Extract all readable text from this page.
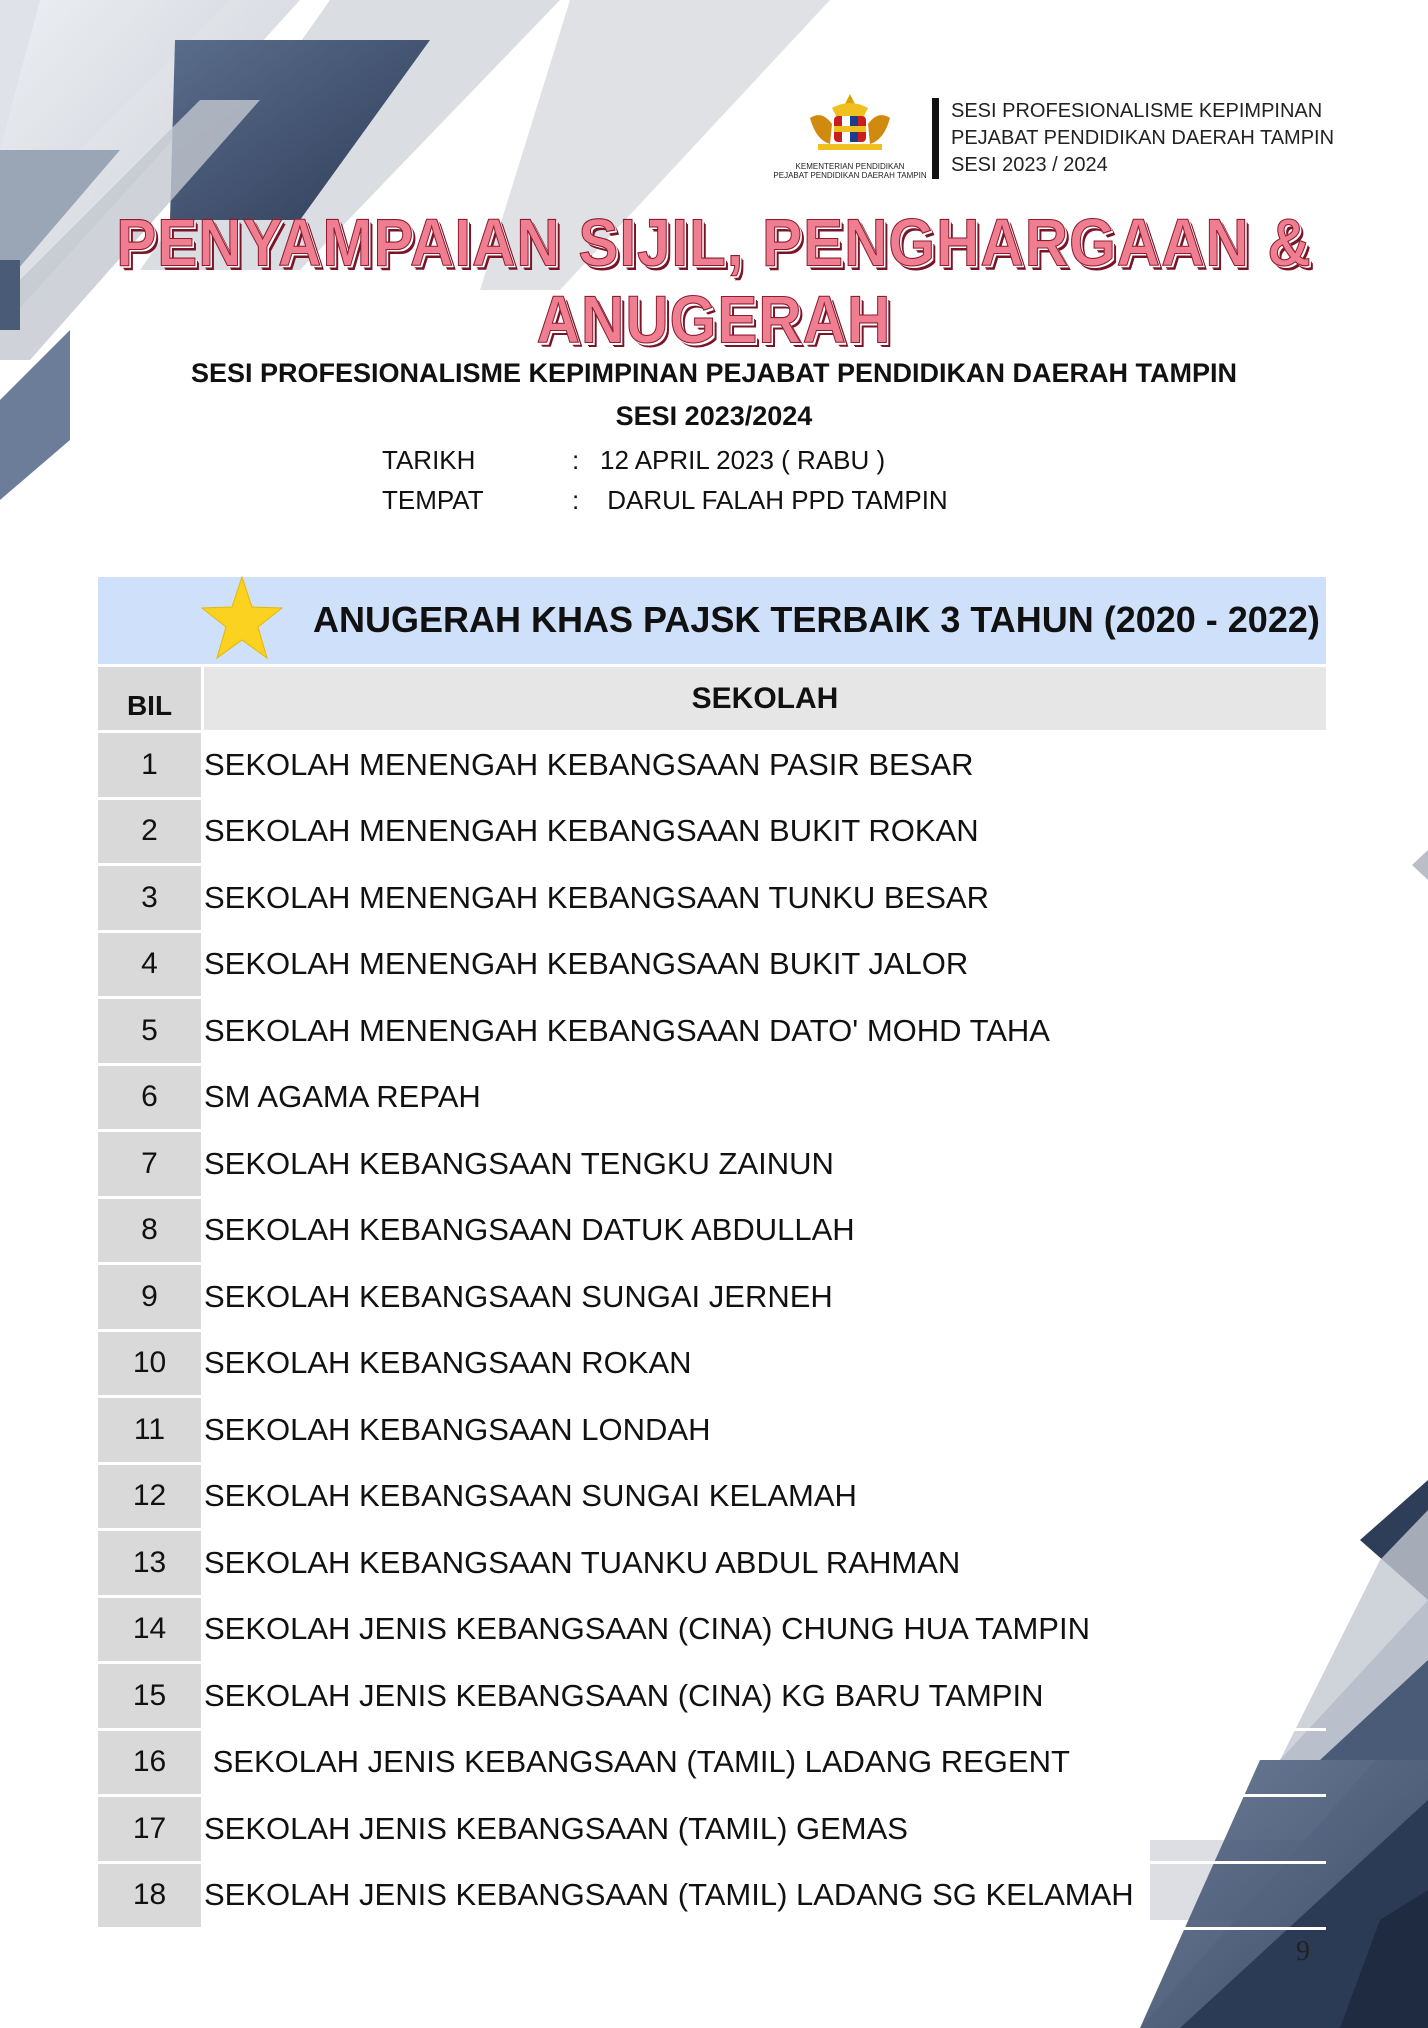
KEMENTERIAN PENDIDIKAN
PEJABAT PENDIDIKAN DAERAH TAMPIN
SESI PROFESIONALISME KEPIMPINAN
PEJABAT PENDIDIKAN DAERAH TAMPIN
SESI 2023 / 2024
PENYAMPAIAN SIJIL, PENGHARGAAN & ANUGERAH
SESI PROFESIONALISME KEPIMPINAN PEJABAT PENDIDIKAN DAERAH TAMPIN
SESI 2023/2024
TARIKH	: 12 APRIL 2023 ( RABU )
TEMPAT	: DARUL FALAH PPD TAMPIN
ANUGERAH KHAS PAJSK TERBAIK 3 TAHUN (2020 - 2022)
BIL	SEKOLAH
1	SEKOLAH MENENGAH KEBANGSAAN PASIR BESAR
2	SEKOLAH MENENGAH KEBANGSAAN BUKIT ROKAN
3	SEKOLAH MENENGAH KEBANGSAAN TUNKU BESAR
4	SEKOLAH MENENGAH KEBANGSAAN BUKIT JALOR
5	SEKOLAH MENENGAH KEBANGSAAN DATO' MOHD TAHA
6	SM AGAMA REPAH
7	SEKOLAH KEBANGSAAN TENGKU ZAINUN
8	SEKOLAH KEBANGSAAN DATUK ABDULLAH
9	SEKOLAH KEBANGSAAN SUNGAI JERNEH
10	SEKOLAH KEBANGSAAN ROKAN
11	SEKOLAH KEBANGSAAN LONDAH
12	SEKOLAH KEBANGSAAN SUNGAI KELAMAH
13	SEKOLAH KEBANGSAAN TUANKU ABDUL RAHMAN
14	SEKOLAH JENIS KEBANGSAAN (CINA) CHUNG HUA TAMPIN
15	SEKOLAH JENIS KEBANGSAAN (CINA) KG BARU TAMPIN
16	SEKOLAH JENIS KEBANGSAAN (TAMIL) LADANG REGENT
17	SEKOLAH JENIS KEBANGSAAN (TAMIL) GEMAS
18	SEKOLAH JENIS KEBANGSAAN (TAMIL) LADANG SG KELAMAH
9
